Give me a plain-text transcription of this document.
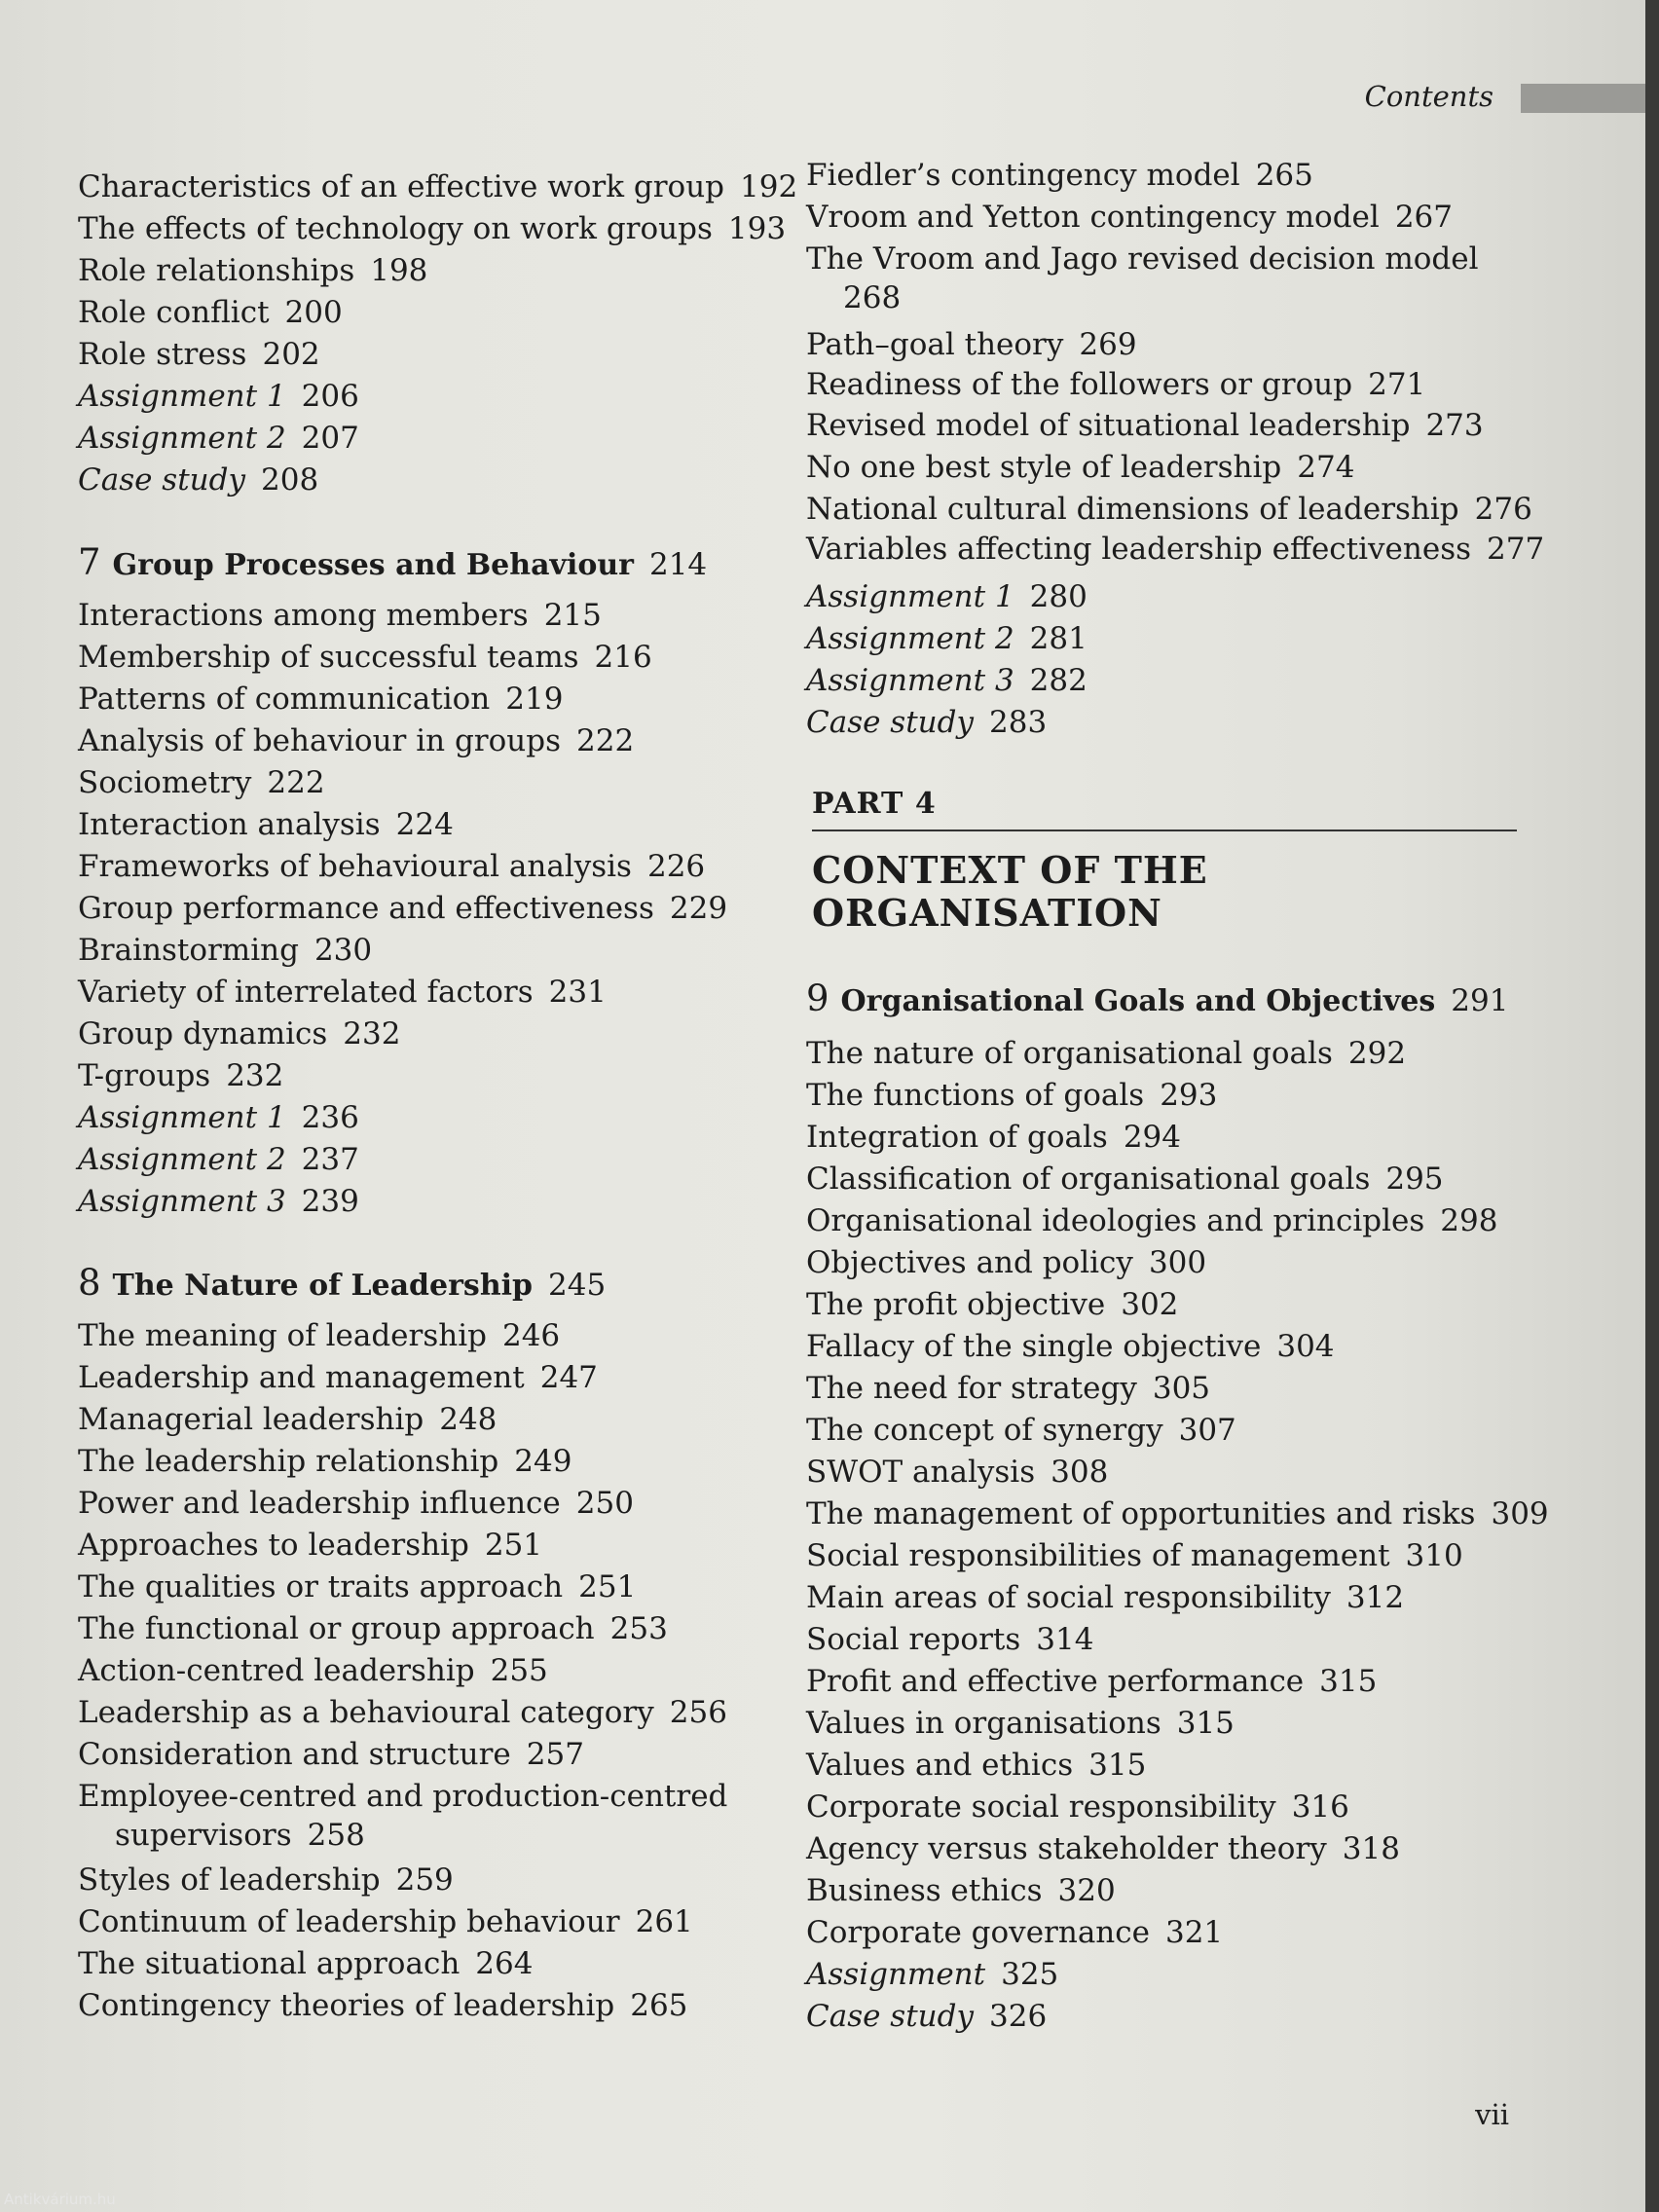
Contents
Characteristics of an effective work group 192
The effects of technology on work groups 193
Role relationships 198
Role conflict 200
Role stress 202
Assignment 1 206
Assignment 2 207
Case study 208
7 Group Processes and Behaviour 214
Interactions among members 215
Membership of successful teams 216
Patterns of communication 219
Analysis of behaviour in groups 222
Sociometry 222
Interaction analysis 224
Frameworks of behavioural analysis 226
Group performance and effectiveness 229
Brainstorming 230
Variety of interrelated factors 231
Group dynamics 232
T-groups 232
Assignment 1 236
Assignment 2 237
Assignment 3 239
8 The Nature of Leadership 245
The meaning of leadership 246
Leadership and management 247
Managerial leadership 248
The leadership relationship 249
Power and leadership influence 250
Approaches to leadership 251
The qualities or traits approach 251
The functional or group approach 253
Action-centred leadership 255
Leadership as a behavioural category 256
Consideration and structure 257
Employee-centred and production-centred
supervisors 258
Styles of leadership 259
Continuum of leadership behaviour 261
The situational approach 264
Contingency theories of leadership 265
Fiedler’s contingency model 265
Vroom and Yetton contingency model 267
The Vroom and Jago revised decision model
268
Path–goal theory 269
Readiness of the followers or group 271
Revised model of situational leadership 273
No one best style of leadership 274
National cultural dimensions of leadership 276
Variables affecting leadership effectiveness 277
Assignment 1 280
Assignment 2 281
Assignment 3 282
Case study 283
PART 4
CONTEXT OF THE
ORGANISATION
9 Organisational Goals and Objectives 291
The nature of organisational goals 292
The functions of goals 293
Integration of goals 294
Classification of organisational goals 295
Organisational ideologies and principles 298
Objectives and policy 300
The profit objective 302
Fallacy of the single objective 304
The need for strategy 305
The concept of synergy 307
SWOT analysis 308
The management of opportunities and risks 309
Social responsibilities of management 310
Main areas of social responsibility 312
Social reports 314
Profit and effective performance 315
Values in organisations 315
Values and ethics 315
Corporate social responsibility 316
Agency versus stakeholder theory 318
Business ethics 320
Corporate governance 321
Assignment 325
Case study 326
vii
Antikvárium.hu
